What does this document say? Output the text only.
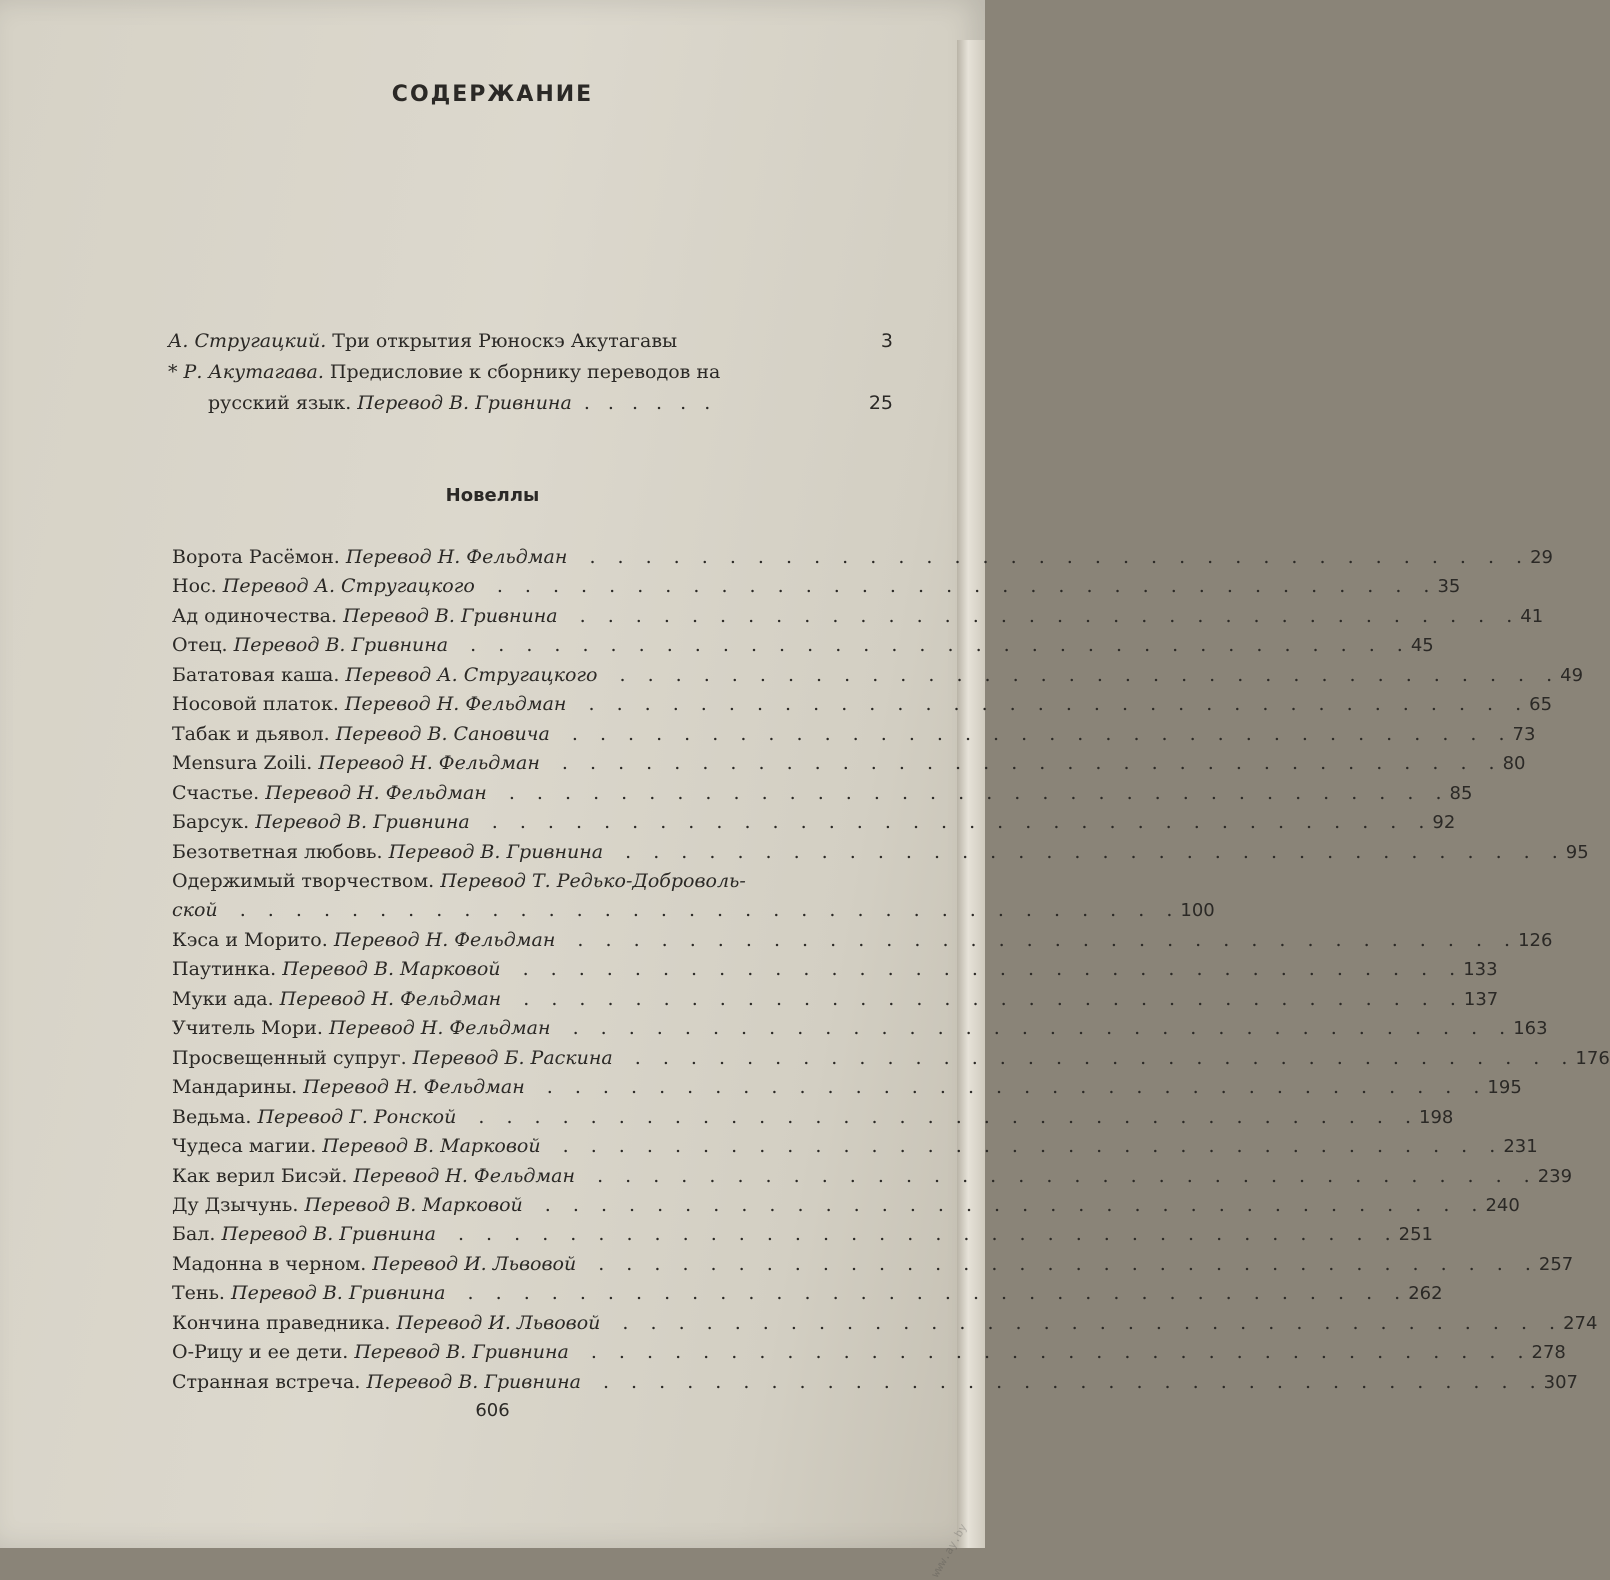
СОДЕРЖАНИЕ
А. Стругацкий. Три открытия Рюноскэ Акутагавы	3
* Р. Акутагава. Предисловие к сборнику переводов на
русский язык. Перевод В. Гривнина . . . . . .	25
Новеллы
Ворота Расёмон. Перевод Н. Фельдман . . . . . . . . . . . . . . . . . . . . . . . . . . . . . . . . . . 29
Нос. Перевод А. Стругацкого . . . . . . . . . . . . . . . . . . . . . . . . . . . . . . . . . . 35
Ад одиночества. Перевод В. Гривнина . . . . . . . . . . . . . . . . . . . . . . . . . . . . . . . . . . 41
Отец. Перевод В. Гривнина . . . . . . . . . . . . . . . . . . . . . . . . . . . . . . . . . . 45
Бататовая каша. Перевод А. Стругацкого . . . . . . . . . . . . . . . . . . . . . . . . . . . . . . . . . . 49
Носовой платок. Перевод Н. Фельдман . . . . . . . . . . . . . . . . . . . . . . . . . . . . . . . . . . 65
Табак и дьявол. Перевод В. Сановича . . . . . . . . . . . . . . . . . . . . . . . . . . . . . . . . . . 73
Mensura Zoili. Перевод Н. Фельдман . . . . . . . . . . . . . . . . . . . . . . . . . . . . . . . . . . 80
Счастье. Перевод Н. Фельдман . . . . . . . . . . . . . . . . . . . . . . . . . . . . . . . . . . 85
Барсук. Перевод В. Гривнина . . . . . . . . . . . . . . . . . . . . . . . . . . . . . . . . . . 92
Безответная любовь. Перевод В. Гривнина . . . . . . . . . . . . . . . . . . . . . . . . . . . . . . . . . . 95
Одержимый творчеством. Перевод Т. Редько-Доброволь-
ской . . . . . . . . . . . . . . . . . . . . . . . . . . . . . . . . . . 100
Кэса и Морито. Перевод Н. Фельдман . . . . . . . . . . . . . . . . . . . . . . . . . . . . . . . . . . 126
Паутинка. Перевод В. Марковой . . . . . . . . . . . . . . . . . . . . . . . . . . . . . . . . . . 133
Муки ада. Перевод Н. Фельдман . . . . . . . . . . . . . . . . . . . . . . . . . . . . . . . . . . 137
Учитель Мори. Перевод Н. Фельдман . . . . . . . . . . . . . . . . . . . . . . . . . . . . . . . . . . 163
Просвещенный супруг. Перевод Б. Раскина . . . . . . . . . . . . . . . . . . . . . . . . . . . . . . . . . . 176
Мандарины. Перевод Н. Фельдман . . . . . . . . . . . . . . . . . . . . . . . . . . . . . . . . . . 195
Ведьма. Перевод Г. Ронской . . . . . . . . . . . . . . . . . . . . . . . . . . . . . . . . . . 198
Чудеса магии. Перевод В. Марковой . . . . . . . . . . . . . . . . . . . . . . . . . . . . . . . . . . 231
Как верил Бисэй. Перевод Н. Фельдман . . . . . . . . . . . . . . . . . . . . . . . . . . . . . . . . . . 239
Ду Дзычунь. Перевод В. Марковой . . . . . . . . . . . . . . . . . . . . . . . . . . . . . . . . . . 240
Бал. Перевод В. Гривнина . . . . . . . . . . . . . . . . . . . . . . . . . . . . . . . . . . 251
Мадонна в черном. Перевод И. Львовой . . . . . . . . . . . . . . . . . . . . . . . . . . . . . . . . . . 257
Тень. Перевод В. Гривнина . . . . . . . . . . . . . . . . . . . . . . . . . . . . . . . . . . 262
Кончина праведника. Перевод И. Львовой . . . . . . . . . . . . . . . . . . . . . . . . . . . . . . . . . . 274
О-Рицу и ее дети. Перевод В. Гривнина . . . . . . . . . . . . . . . . . . . . . . . . . . . . . . . . . . 278
Странная встреча. Перевод В. Гривнина . . . . . . . . . . . . . . . . . . . . . . . . . . . . . . . . . . 307
606
www.ay.by
